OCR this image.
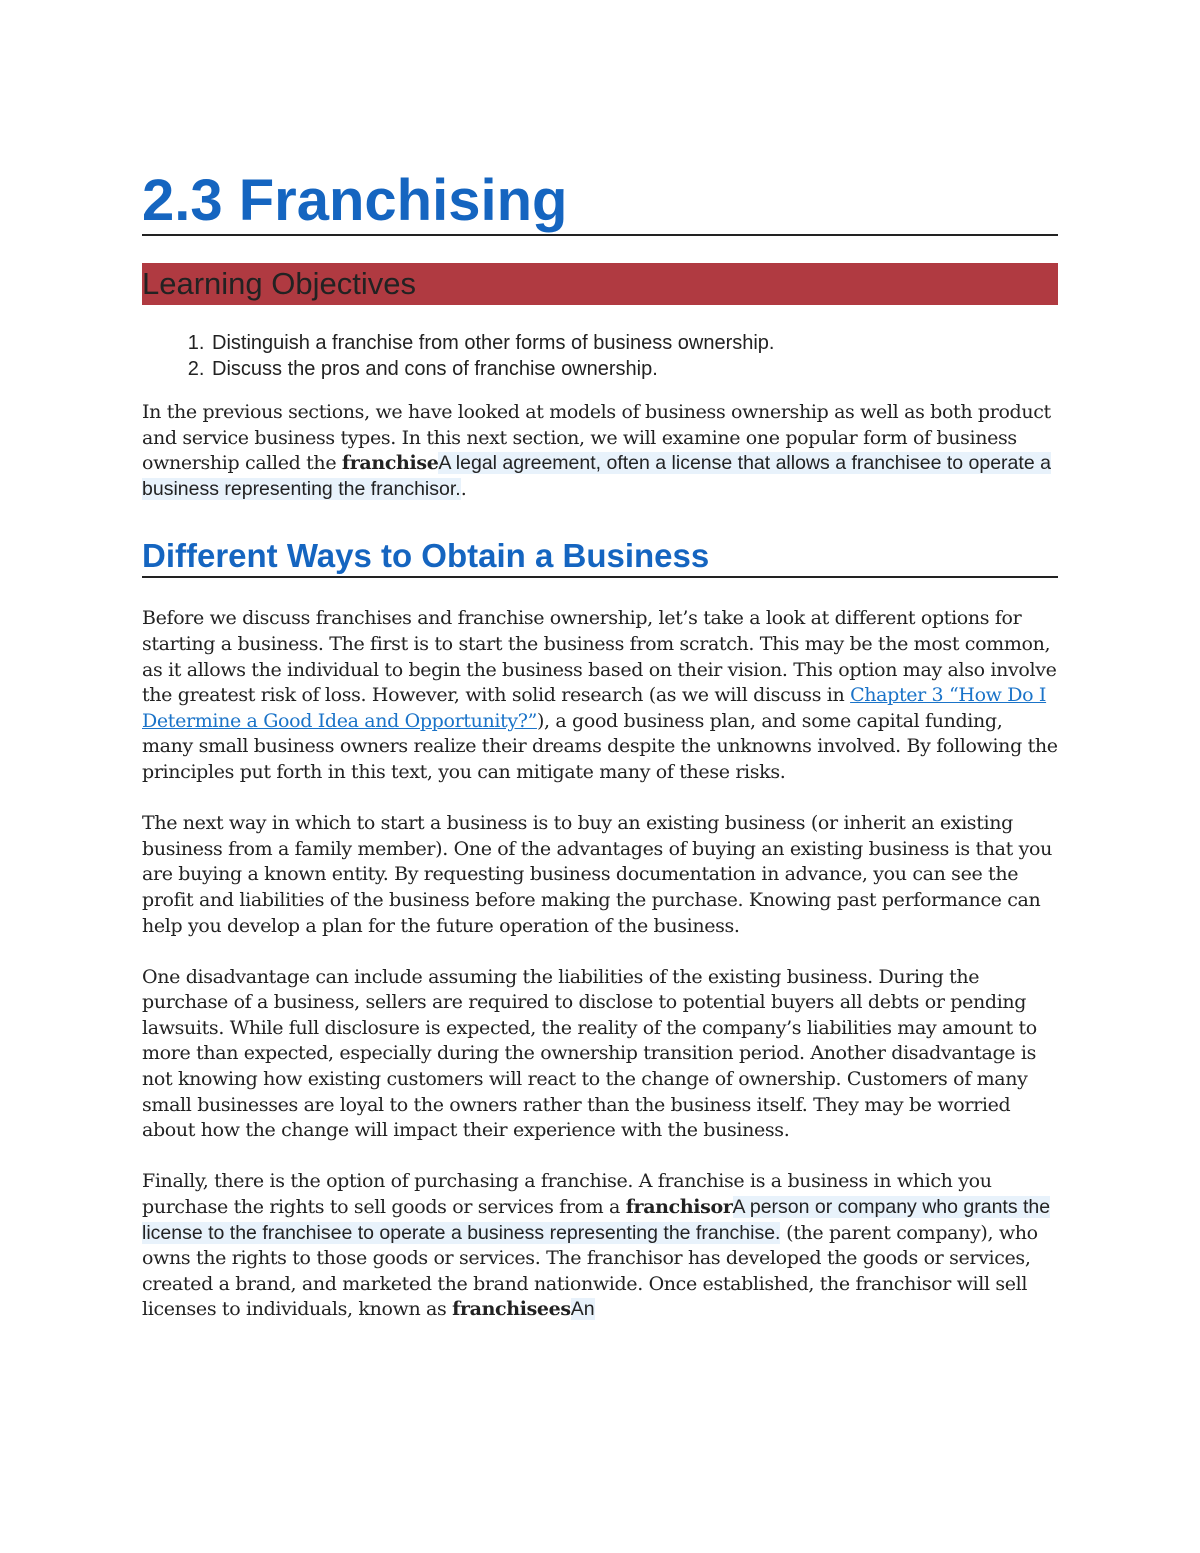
2.3 Franchising
Learning Objectives
1. Distinguish a franchise from other forms of business ownership.
2. Discuss the pros and cons of franchise ownership.

In the previous sections, we have looked at models of business ownership as well as both product and service business types. In this next section, we will examine one popular form of business ownership called the franchiseA legal agreement, often a license that allows a franchisee to operate a business representing the franchisor..

Different Ways to Obtain a Business

Before we discuss franchises and franchise ownership, let’s take a look at different options for starting a business. The first is to start the business from scratch. This may be the most common, as it allows the individual to begin the business based on their vision. This option may also involve the greatest risk of loss. However, with solid research (as we will discuss in Chapter 3 “How Do I Determine a Good Idea and Opportunity?”), a good business plan, and some capital funding, many small business owners realize their dreams despite the unknowns involved. By following the principles put forth in this text, you can mitigate many of these risks.

The next way in which to start a business is to buy an existing business (or inherit an existing business from a family member). One of the advantages of buying an existing business is that you are buying a known entity. By requesting business documentation in advance, you can see the profit and liabilities of the business before making the purchase. Knowing past performance can help you develop a plan for the future operation of the business.

One disadvantage can include assuming the liabilities of the existing business. During the purchase of a business, sellers are required to disclose to potential buyers all debts or pending lawsuits. While full disclosure is expected, the reality of the company’s liabilities may amount to more than expected, especially during the ownership transition period. Another disadvantage is not knowing how existing customers will react to the change of ownership. Customers of many small businesses are loyal to the owners rather than the business itself. They may be worried about how the change will impact their experience with the business.

Finally, there is the option of purchasing a franchise. A franchise is a business in which you purchase the rights to sell goods or services from a franchisorA person or company who grants the license to the franchisee to operate a business representing the franchise. (the parent company), who owns the rights to those goods or services. The franchisor has developed the goods or services, created a brand, and marketed the brand nationwide. Once established, the franchisor will sell licenses to individuals, known as franchiseesAn
